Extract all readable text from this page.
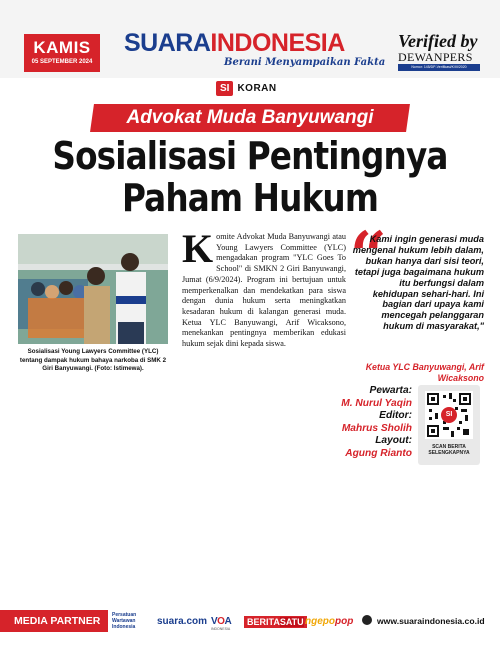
KAMIS
05 SEPTEMBER 2024
SUARAINDONESIA
Berani Menyampaikan Fakta
Verified by
DEWANPERS
Nomor: 145/DP-Verifikasi/K/III/2020
SI KORAN
Advokat Muda Banyuwangi
Sosialisasi Pentingnya
Paham Hukum
Sosialisasi Young Lawyers Committee (YLC) tentang dampak hukum bahaya narkoba di SMK 2 Giri Banyuwangi. (Foto: Istimewa).
Komite Advokat Muda Banyuwangi atau Young Lawyers Committee (YLC) mengadakan program "YLC Goes To School" di SMKN 2 Giri Banyuwangi, Jumat (6/9/2024). Program ini bertujuan untuk memperkenalkan dan mendekatkan para siswa dengan dunia hukum serta meningkatkan kesadaran hukum di kalangan generasi muda. Ketua YLC Banyuwangi, Arif Wicaksono, menekankan pentingnya memberikan edukasi hukum sejak dini kepada siswa.
“
Kami ingin generasi muda mengenal hukum lebih dalam, bukan hanya dari sisi teori, tetapi juga bagaimana hukum itu berfungsi dalam kehidupan sehari-hari. Ini bagian dari upaya kami mencegah pelanggaran hukum di masyarakat,"
Ketua YLC Banyuwangi, Arif Wicaksono
Pewarta:
M. Nurul Yaqin
Editor:
Mahrus Sholih
Layout:
Agung Rianto
SI
SCAN BERITA SELENGKAPNYA
MEDIA PARTNER	Persatuan Wartawan Indonesia	suara.com VOA
INDONESIA
BERITASATU ngepopop	www.suaraindonesia.co.id
